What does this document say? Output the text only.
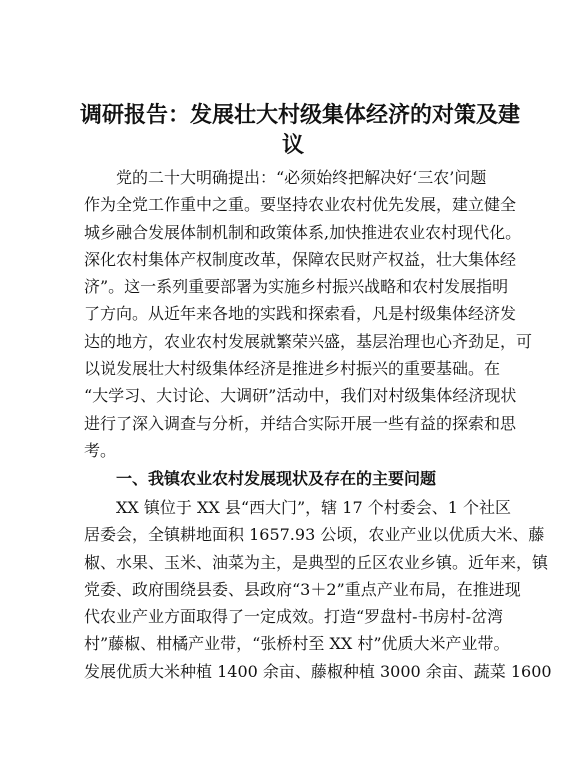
调研报告：发展壮大村级集体经济的对策及建
议
党的二十大明确提出：“必须始终把解决好‘三农’问题
作为全党工作重中之重。要坚持农业农村优先发展，建立健全
城乡融合发展体制机制和政策体系,加快推进农业农村现代化。
深化农村集体产权制度改革，保障农民财产权益，壮大集体经
济”。这一系列重要部署为实施乡村振兴战略和农村发展指明
了方向。从近年来各地的实践和探索看，凡是村级集体经济发
达的地方，农业农村发展就繁荣兴盛，基层治理也心齐劲足，可
以说发展壮大村级集体经济是推进乡村振兴的重要基础。在
“大学习、大讨论、大调研”活动中，我们对村级集体经济现状
进行了深入调查与分析，并结合实际开展一些有益的探索和思
考。
一、我镇农业农村发展现状及存在的主要问题
XX 镇位于 XX 县“西大门”，辖 17 个村委会、1 个社区
居委会，全镇耕地面积 1657.93 公顷，农业产业以优质大米、藤
椒、水果、玉米、油菜为主，是典型的丘区农业乡镇。近年来，镇
党委、政府围绕县委、县政府“3＋2”重点产业布局，在推进现
代农业产业方面取得了一定成效。打造“罗盘村-书房村-岔湾
村”藤椒、柑橘产业带，“张桥村至 XX 村”优质大米产业带。
发展优质大米种植 1400 余亩、藤椒种植 3000 余亩、蔬菜 1600
